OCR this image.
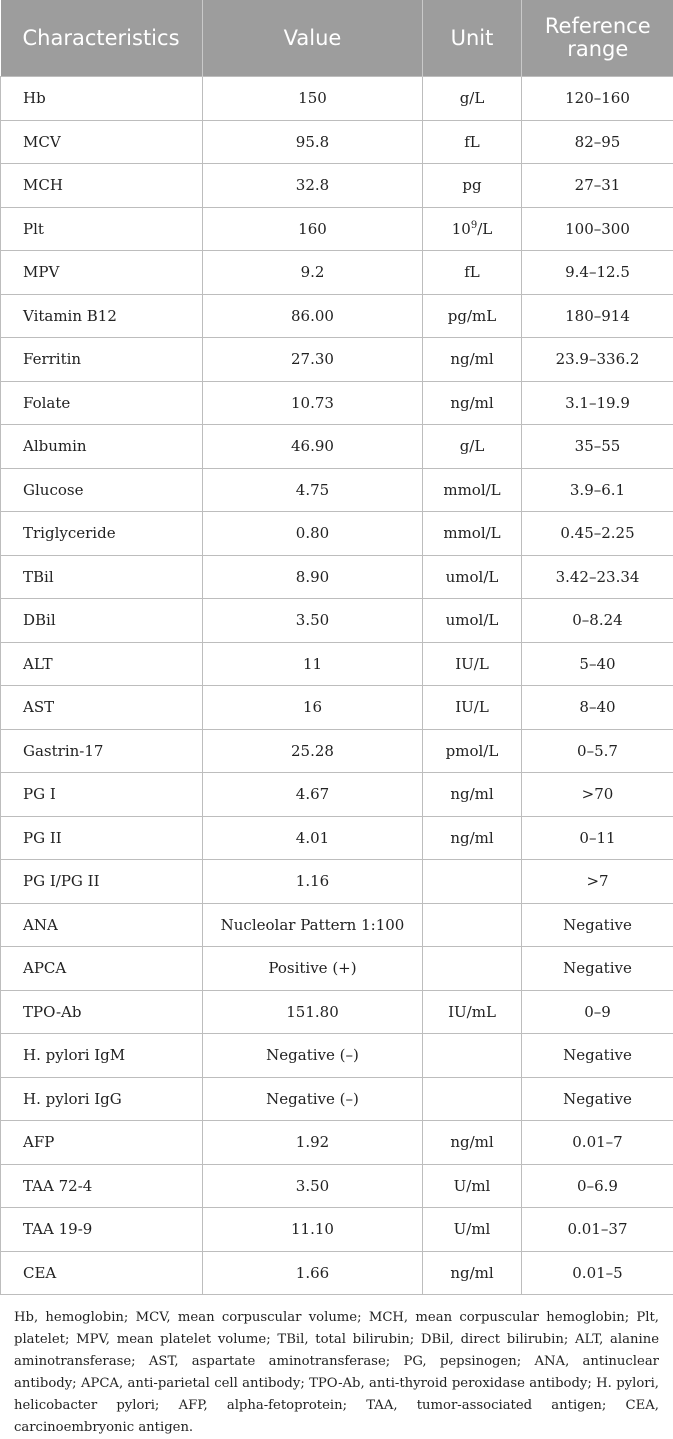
Characteristics	Value	Unit	Reference range
Hb	150	g/L	120–160
MCV	95.8	fL	82–95
MCH	32.8	pg	27–31
Plt	160	$10^9/L$	100–300
MPV	9.2	fL	9.4–12.5
Vitamin B12	86.00	pg/mL	180–914
Ferritin	27.30	ng/ml	23.9–336.2
Folate	10.73	ng/ml	3.1–19.9
Albumin	46.90	g/L	35–55
Glucose	4.75	mmol/L	3.9–6.1
Triglyceride	0.80	mmol/L	0.45–2.25
TBil	8.90	umol/L	3.42–23.34
DBil	3.50	umol/L	0–8.24
ALT	11	IU/L	5–40
AST	16	IU/L	8–40
Gastrin-17	25.28	pmol/L	0–5.7
PG I	4.67	ng/ml	>70
PG II	4.01	ng/ml	0–11
PG I/PG II	1.16		>7
ANA	Nucleolar Pattern 1:100		Negative
APCA	Positive (+)		Negative
TPO-Ab	151.80	IU/mL	0–9
H. pylori IgM	Negative (–)		Negative
H. pylori IgG	Negative (–)		Negative
AFP	1.92	ng/ml	0.01–7
TAA 72-4	3.50	U/ml	0–6.9
TAA 19-9	11.10	U/ml	0.01–37
CEA	1.66	ng/ml	0.01–5
Hb, hemoglobin; MCV, mean corpuscular volume; MCH, mean corpuscular hemoglobin; Plt, platelet; MPV, mean platelet volume; TBil, total bilirubin; DBil, direct bilirubin; ALT, alanine aminotransferase; AST, aspartate aminotransferase; PG, pepsinogen; ANA, antinuclear antibody; APCA, anti-parietal cell antibody; TPO-Ab, anti-thyroid peroxidase antibody; H. pylori, helicobacter pylori; AFP, alpha-fetoprotein; TAA, tumor-associated antigen; CEA, carcinoembryonic antigen.
